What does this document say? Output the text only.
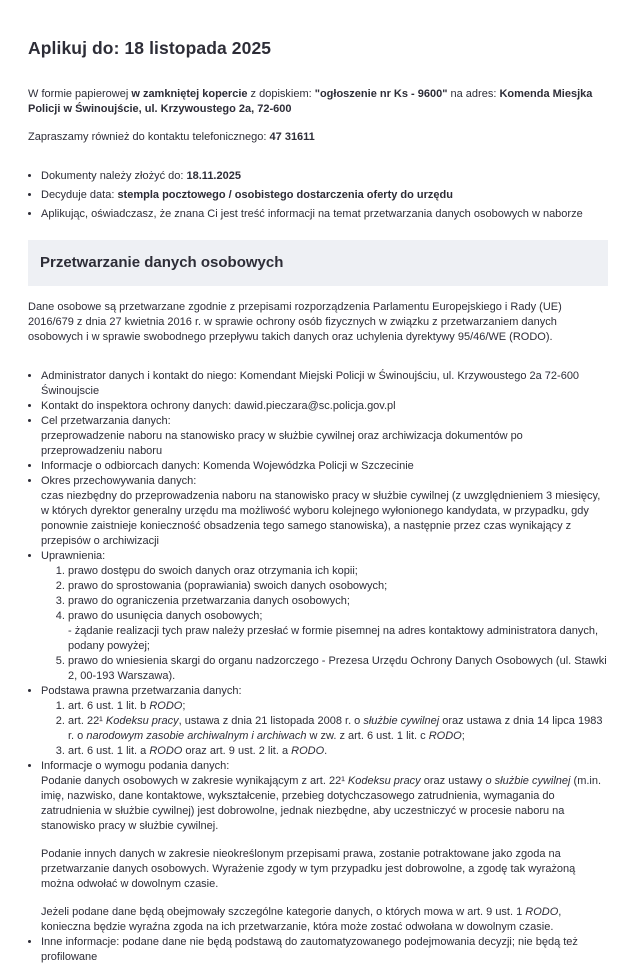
Aplikuj do: 18 listopada 2025

W formie papierowej w zamkniętej kopercie z dopiskiem: "ogłoszenie nr Ks - 9600" na adres: Komenda Miesjka Policji w Świnoujście, ul. Krzywoustego 2a, 72-600

Zapraszamy również do kontaktu telefonicznego: 47 31611

• Dokumenty należy złożyć do: 18.11.2025
• Decyduje data: stempla pocztowego / osobistego dostarczenia oferty do urzędu
• Aplikując, oświadczasz, że znana Ci jest treść informacji na temat przetwarzania danych osobowych w naborze
Przetwarzanie danych osobowych

Dane osobowe są przetwarzane zgodnie z przepisami rozporządzenia Parlamentu Europejskiego i Rady (UE) 2016/679 z dnia 27 kwietnia 2016 r. w sprawie ochrony osób fizycznych w związku z przetwarzaniem danych osobowych i w sprawie swobodnego przepływu takich danych oraz uchylenia dyrektywy 95/46/WE (RODO).

• Administrator danych i kontakt do niego: Komendant Miejski Policji w Świnoujściu, ul. Krzywoustego 2a 72-600 Świnoujscie
• Kontakt do inspektora ochrony danych: dawid.pieczara@sc.policja.gov.pl
• Cel przetwarzania danych:
przeprowadzenie naboru na stanowisko pracy w służbie cywilnej oraz archiwizacja dokumentów po przeprowadzeniu naboru
• Informacje o odbiorcach danych: Komenda Wojewódzka Policji w Szczecinie
• Okres przechowywania danych:
czas niezbędny do przeprowadzenia naboru na stanowisko pracy w służbie cywilnej (z uwzględnieniem 3 miesięcy, w których dyrektor generalny urzędu ma możliwość wyboru kolejnego wyłonionego kandydata, w przypadku, gdy ponownie zaistnieje konieczność obsadzenia tego samego stanowiska), a następnie przez czas wynikający z przepisów o archiwizacji
• Uprawnienia:
1. prawo dostępu do swoich danych oraz otrzymania ich kopii;
2. prawo do sprostowania (poprawiania) swoich danych osobowych;
3. prawo do ograniczenia przetwarzania danych osobowych;
4. prawo do usunięcia danych osobowych;
- żądanie realizacji tych praw należy przesłać w formie pisemnej na adres kontaktowy administratora danych, podany powyżej;
5. prawo do wniesienia skargi do organu nadzorczego - Prezesa Urzędu Ochrony Danych Osobowych (ul. Stawki 2, 00-193 Warszawa).
• Podstawa prawna przetwarzania danych:
1. art. 6 ust. 1 lit. b RODO;
2. art. 22¹ Kodeksu pracy, ustawa z dnia 21 listopada 2008 r. o służbie cywilnej oraz ustawa z dnia 14 lipca 1983 r. o narodowym zasobie archiwalnym i archiwach w zw. z art. 6 ust. 1 lit. c RODO;
3. art. 6 ust. 1 lit. a RODO oraz art. 9 ust. 2 lit. a RODO.
• Informacje o wymogu podania danych:

Podanie danych osobowych w zakresie wynikającym z art. 22¹ Kodeksu pracy oraz ustawy o służbie cywilnej (m.in. imię, nazwisko, dane kontaktowe, wykształcenie, przebieg dotychczasowego zatrudnienia, wymagania do zatrudnienia w służbie cywilnej) jest dobrowolne, jednak niezbędne, aby uczestniczyć w procesie naboru na stanowisko pracy w służbie cywilnej.

Podanie innych danych w zakresie nieokreślonym przepisami prawa, zostanie potraktowane jako zgoda na przetwarzanie danych osobowych. Wyrażenie zgody w tym przypadku jest dobrowolne, a zgodę tak wyrażoną można odwołać w dowolnym czasie.

Jeżeli podane dane będą obejmowały szczególne kategorie danych, o których mowa w art. 9 ust. 1 RODO, konieczna będzie wyraźna zgoda na ich przetwarzanie, która może zostać odwołana w dowolnym czasie.

• Inne informacje: podane dane nie będą podstawą do zautomatyzowanego podejmowania decyzji; nie będą też profilowane
